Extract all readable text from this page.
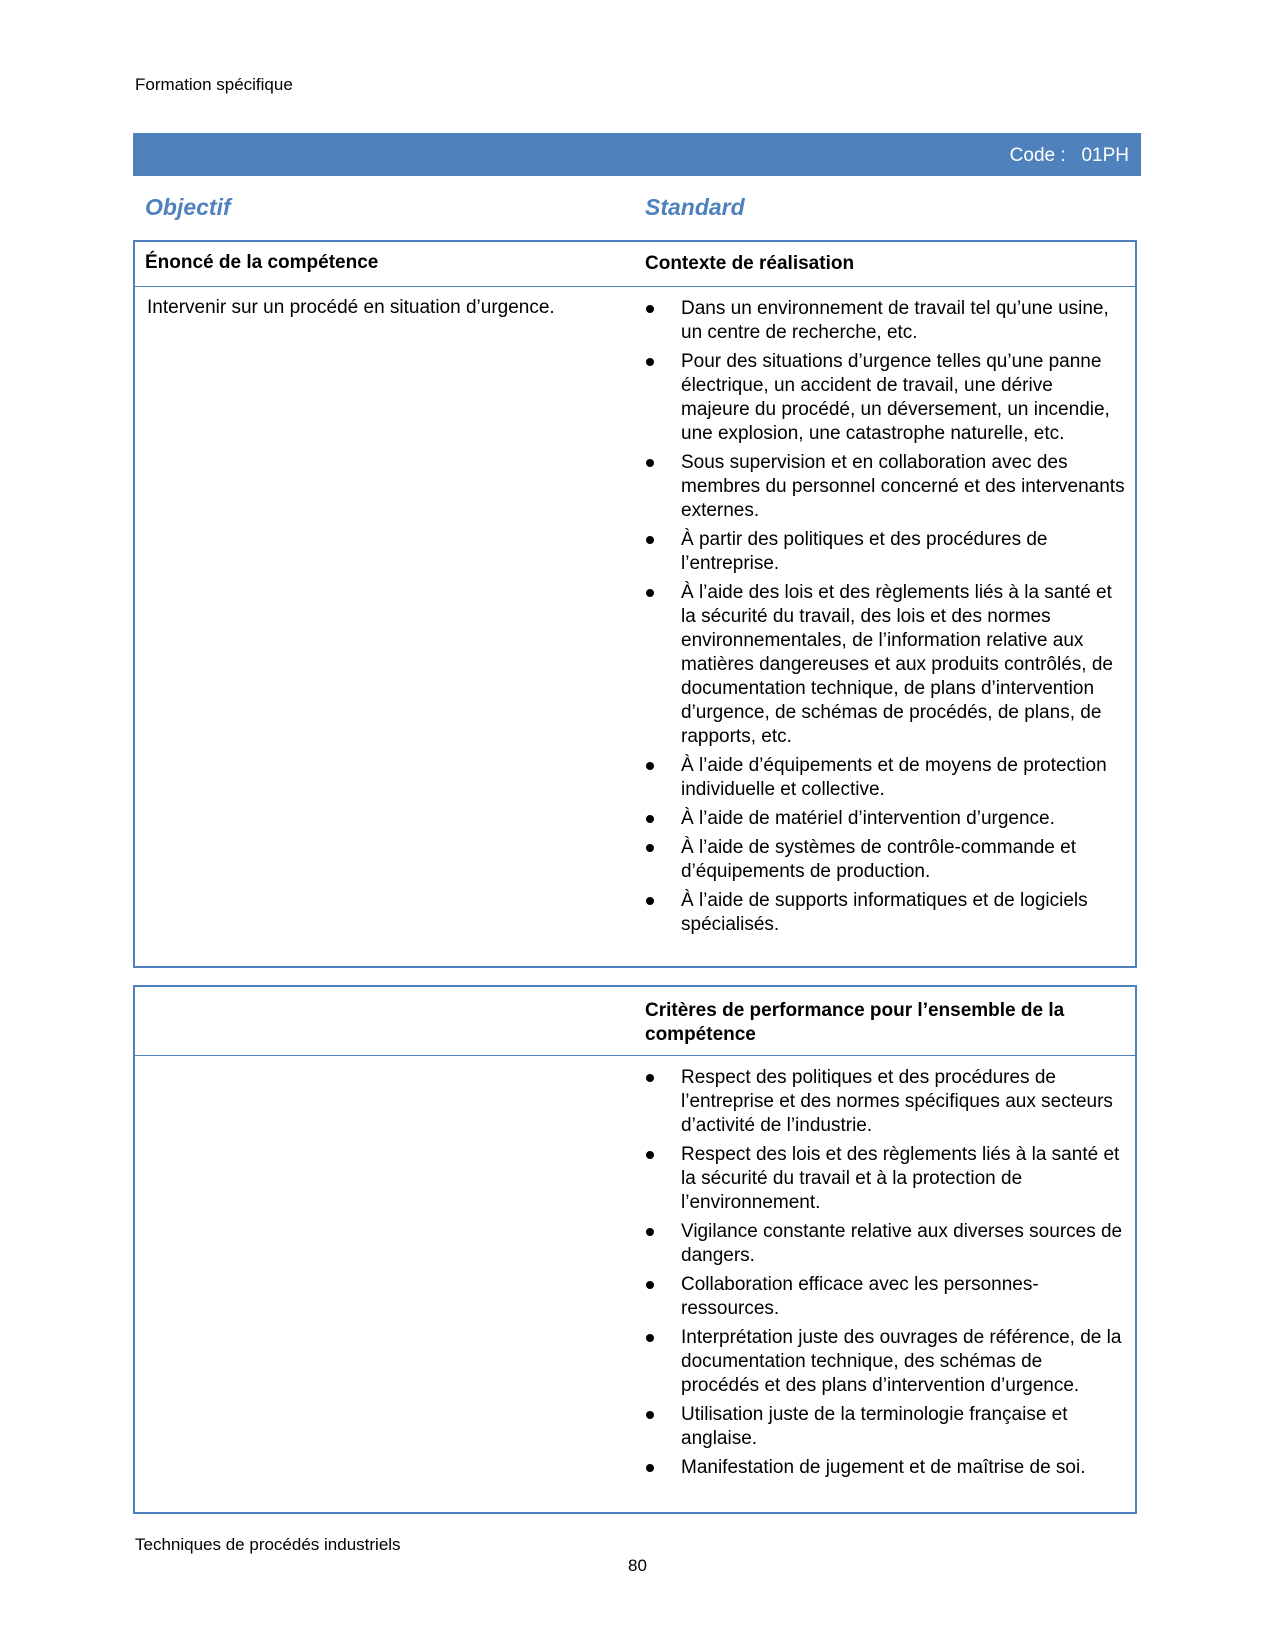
Formation spécifique
Code :   01PH
Objectif	Standard
Énoncé de la compétence	Contexte de réalisation
Intervenir sur un procédé en situation d’urgence.	Dans un environnement de travail tel qu’une usine, un centre de recherche, etc.
Pour des situations d’urgence telles qu’une panne électrique, un accident de travail, une dérive majeure du procédé, un déversement, un incendie, une explosion, une catastrophe naturelle, etc.
Sous supervision et en collaboration avec des membres du personnel concerné et des intervenants externes.
À partir des politiques et des procédures de l’entreprise.
À l’aide des lois et des règlements liés à la santé et la sécurité du travail, des lois et des normes environnementales, de l’information relative aux matières dangereuses et aux produits contrôlés, de documentation technique, de plans d’intervention d’urgence, de schémas de procédés, de plans, de rapports, etc.
À l’aide d’équipements et de moyens de protection individuelle et collective.
À l’aide de matériel d’intervention d’urgence.
À l’aide de systèmes de contrôle-commande et d’équipements de production.
À l’aide de supports informatiques et de logiciels spécialisés.
Critères de performance pour l’ensemble de la compétence
Respect des politiques et des procédures de l’entreprise et des normes spécifiques aux secteurs d’activité de l’industrie.
Respect des lois et des règlements liés à la santé et la sécurité du travail et à la protection de l’environnement.
Vigilance constante relative aux diverses sources de dangers.
Collaboration efficace avec les personnes-ressources.
Interprétation juste des ouvrages de référence, de la documentation technique, des schémas de procédés et des plans d’intervention d’urgence.
Utilisation juste de la terminologie française et anglaise.
Manifestation de jugement et de maîtrise de soi.
Techniques de procédés industriels
80
